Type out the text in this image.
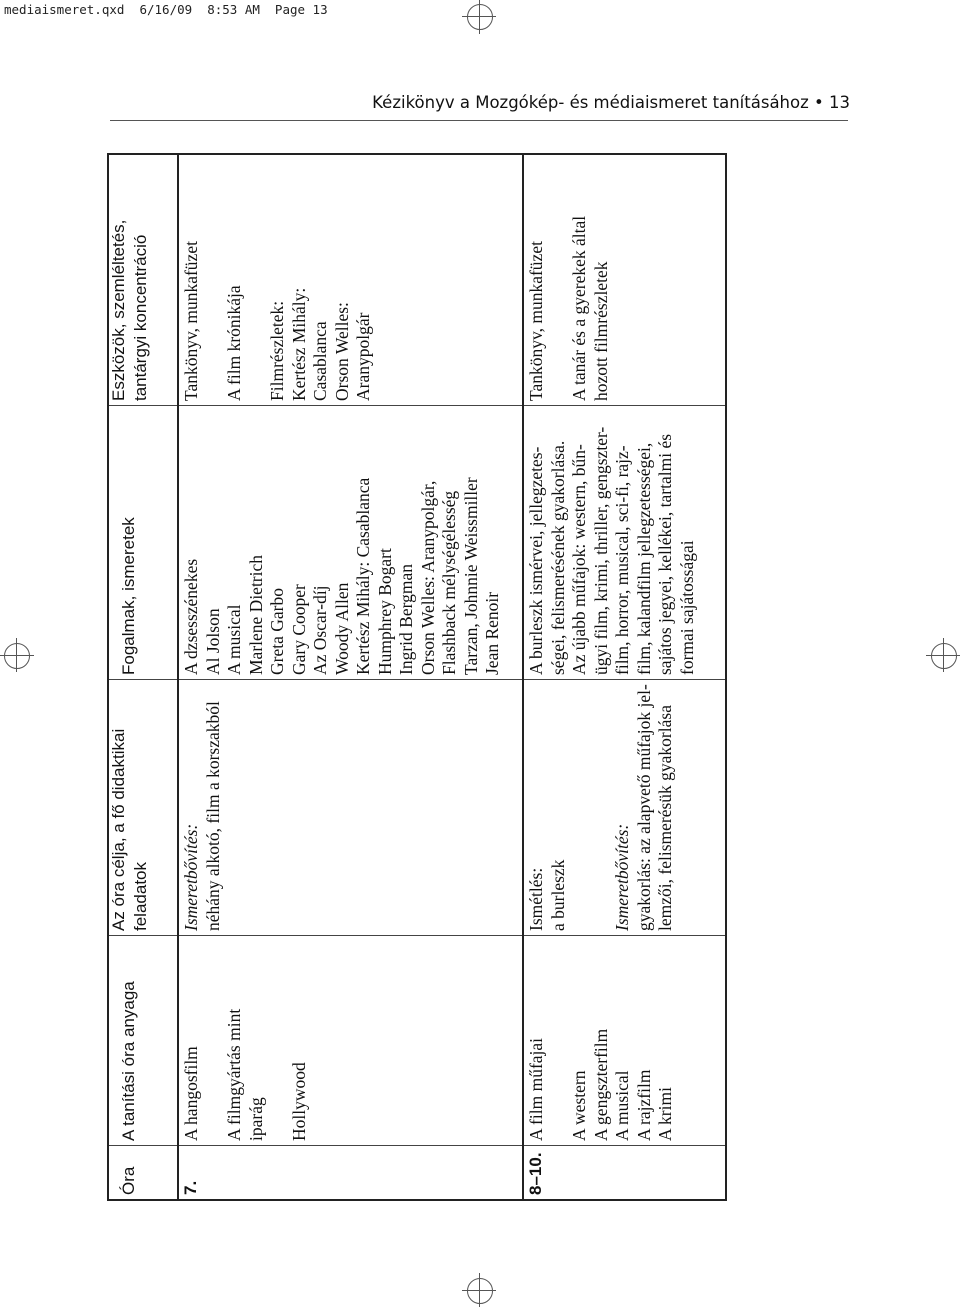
mediaismeret.qxd  6/16/09  8:53 AM  Page 13
Kézikönyv a Mozgókép- és médiaismeret tanításához • 13
Óra
A tanítási óra anyaga
Az óra célja, a fő didaktikai feladatok
Fogalmak, ismeretek
Eszközök, szemléltetés, tantárgyi koncentráció
7.
A hangosfilm A filmgyártás mint iparág Hollywood
Ismeretbővítés: néhány alkotó, film a korszakból
A dzsesszénekes Al Jolson A musical Marlene Dietrich Greta Garbo Gary Cooper Az Oscar-díj Woody Allen Kertész Mihály: Casablanca Humphrey Bogart Ingrid Bergman Orson Welles: Aranypolgár, Flashback mélységélesség Tarzan, Johnnie Weissmiller Jean Renoir
Tankönyv, munkafüzet A film krónikája Filmrészletek: Kertész Mihály: Casablanca Orson Welles: Aranypolgár
8–10.
A film műfajai A western A gengszterfilm A musical A rajzfilm A krimi
Ismétlés: a burleszk	Ismeretbővítés: gyakorlás: az alapvető műfajok jel- lemzői, felismerésük gyakorlása
A burleszk ismérvei, jellegzetes- ségei, felismerésének gyakorlása. Az újabb műfajok: western, bűn- ügyi film, krimi, thriller, gengszter- film, horror, musical, sci-fi, rajz- film, kalandfilm jellegzetességei, sajátos jegyei, kellékei, tartalmi és formai sajátosságai
Tankönyv, munkafüzet A tanár és a gyerekek által hozott filmrészletek
